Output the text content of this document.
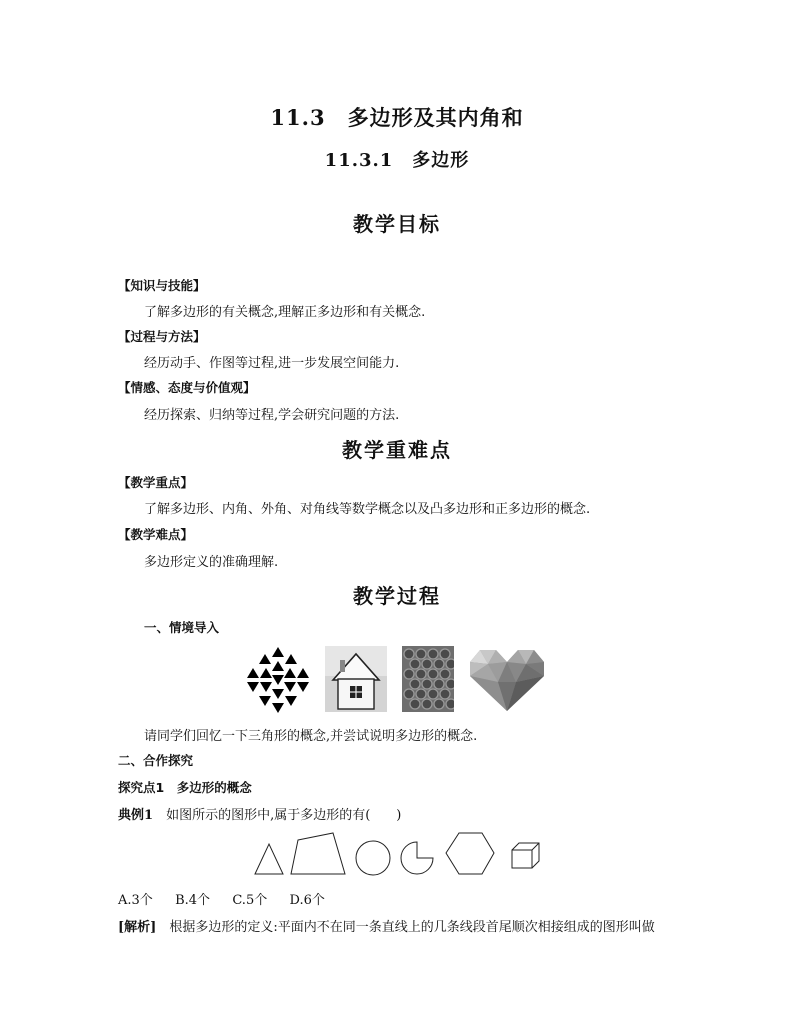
11.3　多边形及其内角和
11.3.1　多边形
教学目标
【知识与技能】
了解多边形的有关概念,理解正多边形和有关概念.
【过程与方法】
经历动手、作图等过程,进一步发展空间能力.
【情感、态度与价值观】
经历探索、归纳等过程,学会研究问题的方法.
教学重难点
【教学重点】
了解多边形、内角、外角、对角线等数学概念以及凸多边形和正多边形的概念.
【教学难点】
多边形定义的准确理解.
教学过程
一、情境导入
请同学们回忆一下三角形的概念,并尝试说明多边形的概念.
二、合作探究
探究点1　多边形的概念
典例1　 如图所示的图形中,属于多边形的有(　　)
A.3个 B.4个 C.5个 D.6个
[解析]　 根据多边形的定义:平面内不在同一条直线上的几条线段首尾顺次相接组成的图形叫做
